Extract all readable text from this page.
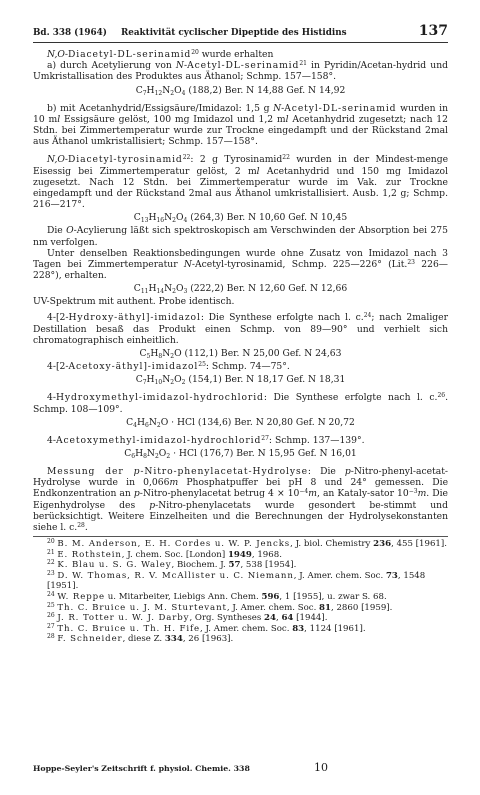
Bd. 338 (1964) Reaktivität cyclischer Dipeptide des Histidins	137

N,O-Diacetyl-DL-serinamid$^{20}$ wurde erhalten

a) durch Acetylierung von N-Acetyl-DL-serinamid$^{21}$ in Pyridin/Acetan-hydrid und Umkristallisation des Produktes aus Äthanol; Schmp. 157—158°.

$C_7H_{12}N_2O_4$ (188,2) Ber. N 14,88 Gef. N 14,92

b) mit Acetanhydrid/Essigsäure/Imidazol: 1,5 g N-Acetyl-DL-serinamid wurden in 10 ml Essigsäure gelöst, 100 mg Imidazol und 1,2 ml Acetanhydrid zugesetzt; nach 12 Stdn. bei Zimmertemperatur wurde zur Trockne eingedampft und der Rückstand 2mal aus Äthanol umkristallisiert; Schmp. 157—158°.

N,O-Diacetyl-tyrosinamid$^{22}$: 2 g Tyrosinamid$^{22}$ wurden in der Mindest-menge Eisessig bei Zimmertemperatur gelöst, 2 ml Acetanhydrid und 150 mg Imidazol zugesetzt. Nach 12 Stdn. bei Zimmertemperatur wurde im Vak. zur Trockne eingedampft und der Rückstand 2mal aus Äthanol umkristallisiert. Ausb. 1,2 g; Schmp. 216—217°.

$C_{13}H_{16}N_2O_4$ (264,3) Ber. N 10,60 Gef. N 10,45

Die O-Acylierung läßt sich spektroskopisch am Verschwinden der Absorption bei 275 nm verfolgen.

Unter denselben Reaktionsbedingungen wurde ohne Zusatz von Imidazol nach 3 Tagen bei Zimmertemperatur N-Acetyl-tyrosinamid, Schmp. 225—226° (Lit.$^{23}$ 226—228°), erhalten.

$C_{11}H_{14}N_2O_3$ (222,2) Ber. N 12,60 Gef. N 12,66

UV-Spektrum mit authent. Probe identisch.

4-[2-Hydroxy-äthyl]-imidazol: Die Synthese erfolgte nach l. c.$^{24}$; nach 2maliger Destillation besaß das Produkt einen Schmp. von 89—90° und verhielt sich chromatographisch einheitlich.

$C_5H_8N_2O$ (112,1) Ber. N 25,00 Gef. N 24,63

4-[2-Acetoxy-äthyl]-imidazol$^{25}$: Schmp. 74—75°.

$C_7H_{10}N_2O_2$ (154,1) Ber. N 18,17 Gef. N 18,31

4-Hydroxymethyl-imidazol-hydrochlorid: Die Synthese erfolgte nach l. c.$^{26}$. Schmp. 108—109°.

$C_4H_6N_2O$ · HCl (134,6) Ber. N 20,80 Gef. N 20,72

4-Acetoxymethyl-imidazol-hydrochlorid$^{27}$: Schmp. 137—139°.

$C_6H_8N_2O_2$ · HCl (176,7) Ber. N 15,95 Gef. N 16,01

Messung der p-Nitro-phenylacetat-Hydrolyse: Die p-Nitro-phenyl-acetat-Hydrolyse wurde in 0,066m Phosphatpuffer bei pH 8 und 24° gemessen. Die Endkonzentration an p-Nitro-phenylacetat betrug $4 \times 10^{-4}m$, an Kataly-sator $10^{-3}m$. Die Eigenhydrolyse des p-Nitro-phenylacetats wurde gesondert be-stimmt und berücksichtigt. Weitere Einzelheiten und die Berechnungen der Hydrolysekonstanten siehe l. c.$^{28}$.

$^{20}$ B. M. Anderson, E. H. Cordes u. W. P. Jencks, J. biol. Chemistry 236, 455 [1961].

$^{21}$ E. Rothstein, J. chem. Soc. [London] 1949, 1968.

$^{22}$ K. Blau u. S. G. Waley, Biochem. J. 57, 538 [1954].

$^{23}$ D. W. Thomas, R. V. McAllister u. C. Niemann, J. Amer. chem. Soc. 73, 1548 [1951].

$^{24}$ W. Reppe u. Mitarbeiter, Liebigs Ann. Chem. 596, 1 [1955], u. zwar S. 68.

$^{25}$ Th. C. Bruice u. J. M. Sturtevant, J. Amer. chem. Soc. 81, 2860 [1959].

$^{26}$ J. R. Totter u. W. J. Darby, Org. Syntheses 24, 64 [1944].

$^{27}$ Th. C. Bruice u. Th. H. Fife, J. Amer. chem. Soc. 83, 1124 [1961].

$^{28}$ F. Schneider, diese Z. 334, 26 [1963].

Hoppe-Seyler's Zeitschrift f. physiol. Chemie. 338	10
